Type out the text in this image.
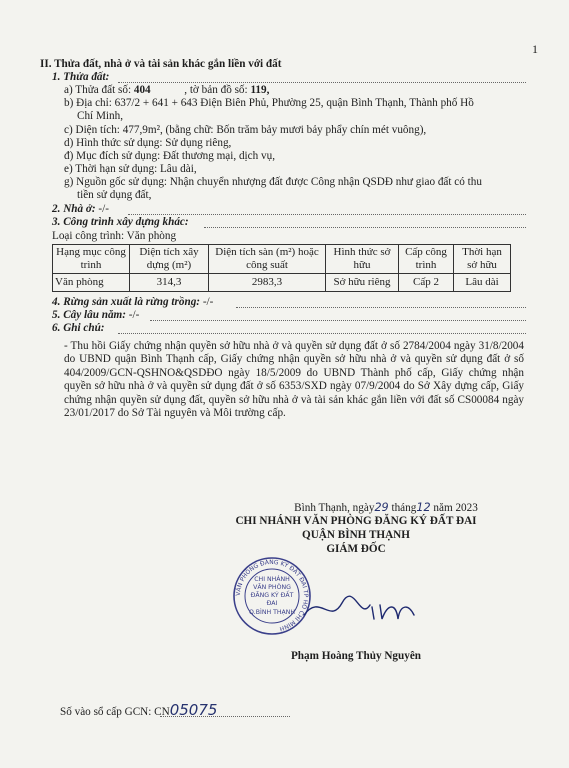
1
II. Thửa đất, nhà ở và tài sản khác gắn liền với đất
1. Thửa đất:
a) Thửa đất số: 404	, tờ bản đồ số: 119,
b) Địa chỉ: 637/2 + 641 + 643 Điện Biên Phủ, Phường 25, quận Bình Thạnh, Thành phố Hồ
Chí Minh,
c) Diện tích: 477,9m², (bằng chữ: Bốn trăm bảy mươi bảy phẩy chín mét vuông),
d) Hình thức sử dụng: Sử dụng riêng,
đ) Mục đích sử dụng: Đất thương mại, dịch vụ,
e) Thời hạn sử dụng: Lâu dài,
g) Nguồn gốc sử dụng: Nhận chuyển nhượng đất được Công nhận QSDĐ như giao đất có thu
tiền sử dụng đất,
2. Nhà ở: -/-
3. Công trình xây dựng khác:
Loại công trình: Văn phòng
Hạng mục công trình	Diện tích xây dựng (m²)	Diện tích sàn (m²) hoặc công suất	Hình thức sở hữu	Cấp công trình	Thời hạn sở hữu
Văn phòng	314,3	2983,3	Sở hữu riêng	Cấp 2	Lâu dài
4. Rừng sản xuất là rừng trồng: -/-
5. Cây lâu năm: -/-
6. Ghi chú:
- Thu hồi Giấy chứng nhận quyền sở hữu nhà ở và quyền sử dụng đất ở số 2784/2004 ngày 31/8/2004 do UBND quận Bình Thạnh cấp, Giấy chứng nhận quyền sở hữu nhà ở và quyền sử dụng đất ở số 404/2009/GCN-QSHNO&QSDĐO ngày 18/5/2009 do UBND Thành phố cấp, Giấy chứng nhận quyền sở hữu nhà ở và quyền sử dụng đất ở số 6353/SXD ngày 07/9/2004 do Sở Xây dựng cấp, Giấy chứng nhận quyền sử dụng đất, quyền sở hữu nhà ở và tài sản khác gắn liền với đất số CS00084 ngày 23/01/2017 do Sở Tài nguyên và Môi trường cấp.
Bình Thạnh, ngày29 tháng12 năm 2023
CHI NHÁNH VĂN PHÒNG ĐĂNG KÝ ĐẤT ĐAI
QUẬN BÌNH THẠNH
GIÁM ĐỐC
VĂN PHÒNG ĐĂNG KÝ ĐẤT ĐAI TP HỒ CHÍ MINH
CHI NHÁNH
VĂN PHÒNG
ĐĂNG KÝ ĐẤT
ĐAI
Q.BÌNH THẠNH
Phạm Hoàng Thủy Nguyên
Số vào sổ cấp GCN: CN05075
